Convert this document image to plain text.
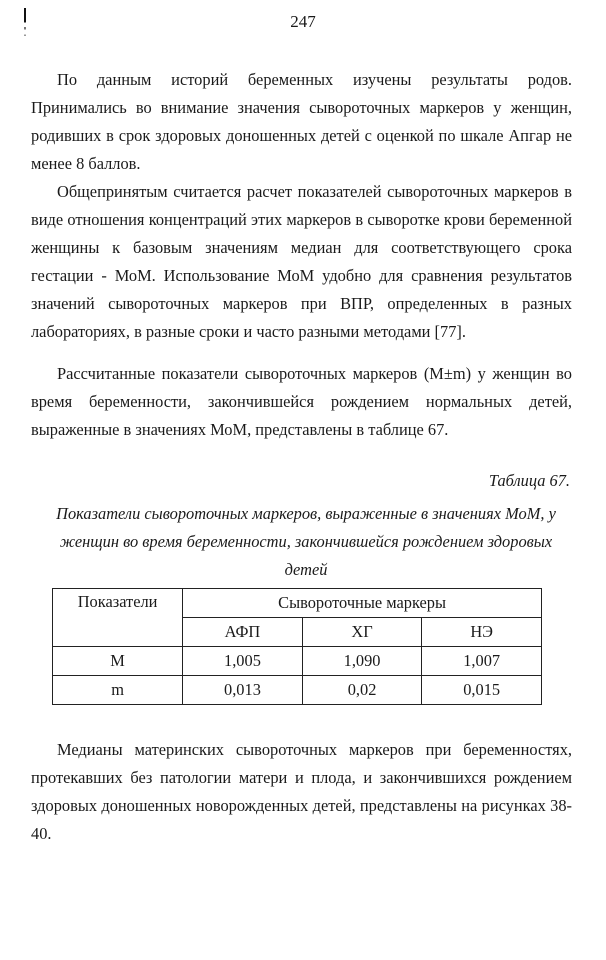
247

По данным историй беременных изучены результаты родов. Принимались во внимание значения сывороточных маркеров у женщин, родивших в срок здоровых доношенных детей с оценкой по шкале Апгар не менее 8 баллов.

Общепринятым считается расчет показателей сывороточных маркеров в виде отношения концентраций этих маркеров в сыворотке крови беременной женщины к базовым значениям медиан для соответствующего срока гестации - МоМ. Использование МоМ удобно для сравнения результатов значений сывороточных маркеров при ВПР, определенных в разных лабораториях, в разные сроки и часто разными методами [77].

Рассчитанные показатели сывороточных маркеров (M±m) у женщин во время беременности, закончившейся рождением нормальных детей, выраженные в значениях МоМ, представлены в таблице 67.

Таблица 67.
Показатели сывороточных маркеров, выраженные в значениях МоМ, у женщин во время беременности, закончившейся рождением здоровых детей
Показатели	Сывороточные маркеры		
	АФП	ХГ	НЭ
M	1,005	1,090	1,007
m	0,013	0,02	0,015

Медианы материнских сывороточных маркеров при беременностях, протекавших без патологии матери и плода, и закончившихся рождением здоровых доношенных новорожденных детей, представлены на рисунках 38-40.
